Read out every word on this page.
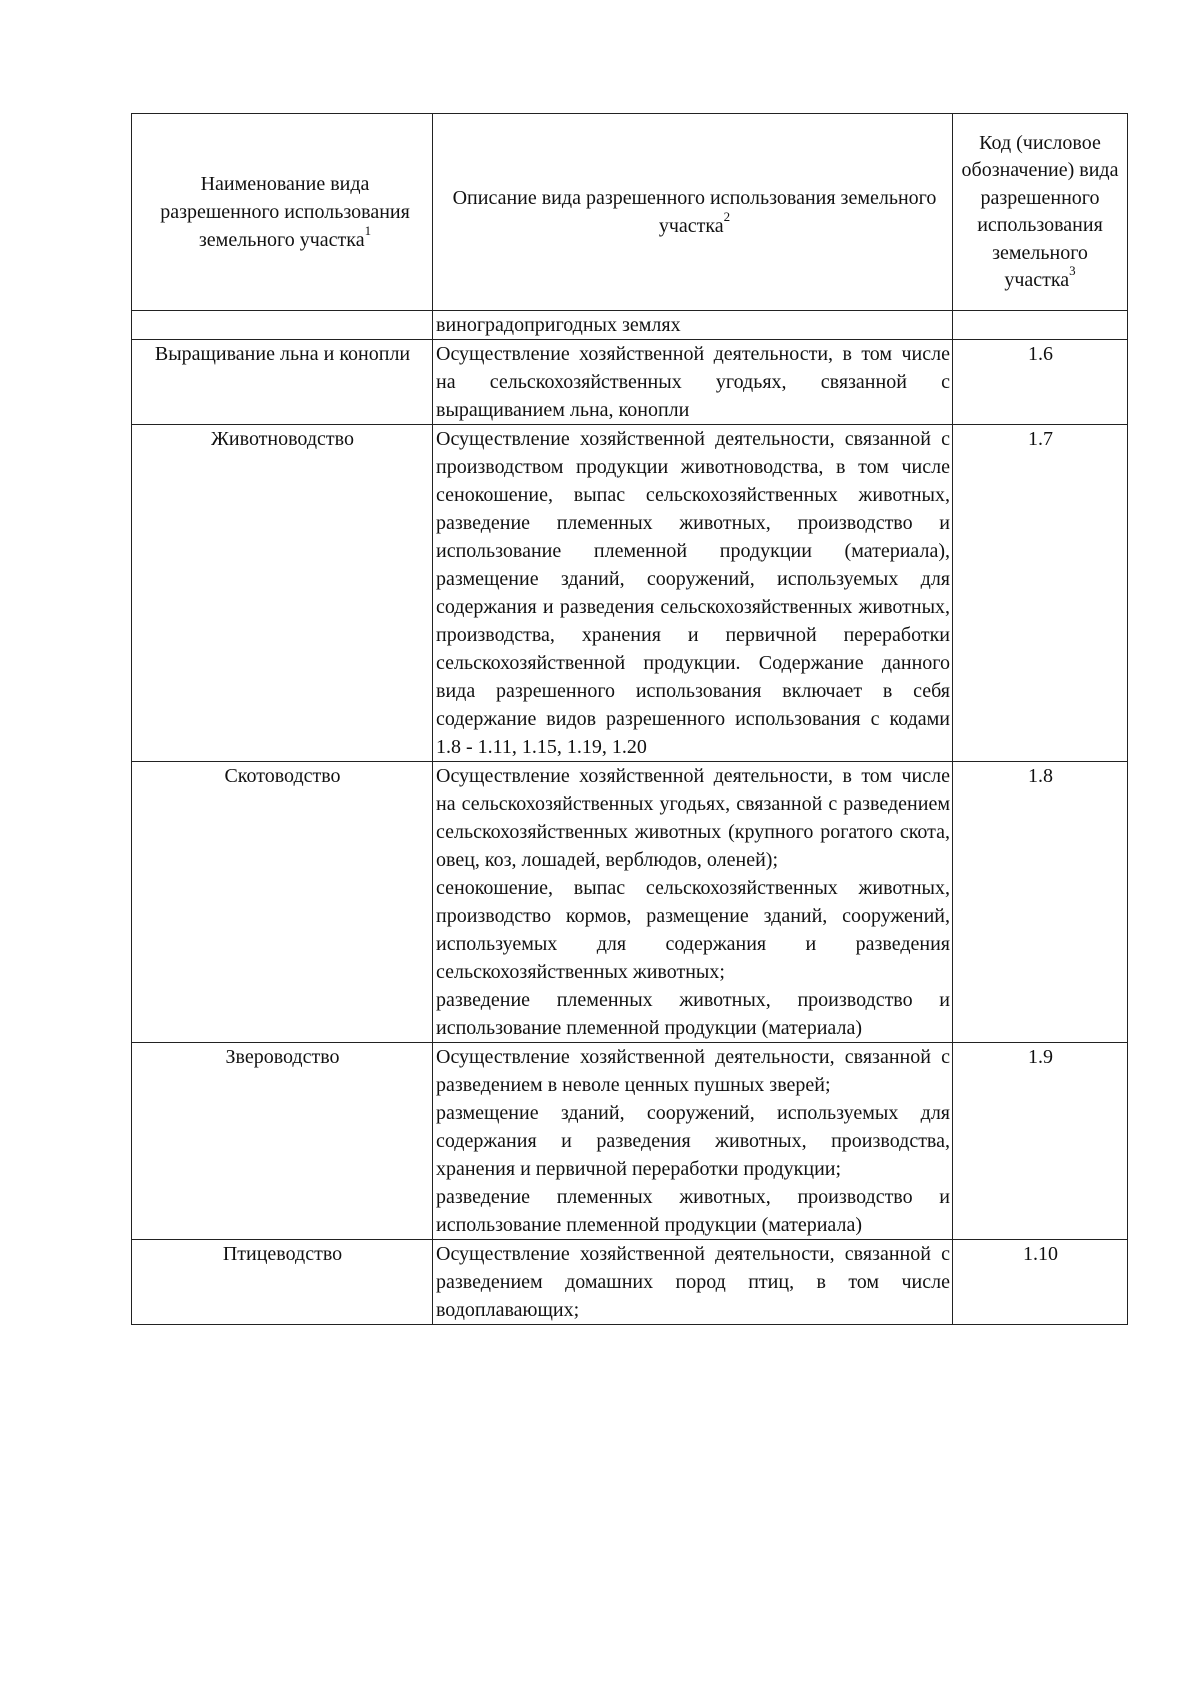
Наименование вида разрешенного использования земельного участка$^1$	Описание вида разрешенного использования земельного участка$^2$	Код (числовое обозначение) вида разрешенного использования земельного участка$^3$
	виноградопригодных землях	
Выращивание льна и конопли	Осуществление хозяйственной деятельности, в том числе на сельскохозяйственных угодьях, связанной с выращиванием льна, конопли	1.6
Животноводство	Осуществление хозяйственной деятельности, связанной с производством продукции животноводства, в том числе сенокошение, выпас сельскохозяйственных животных, разведение племенных животных, производство и использование племенной продукции (материала), размещение зданий, сооружений, используемых для содержания и разведения сельскохозяйственных животных, производства, хранения и первичной переработки сельскохозяйственной продукции. Содержание данного вида разрешенного использования включает в себя содержание видов разрешенного использования с кодами 1.8 - 1.11, 1.15, 1.19, 1.20	1.7
Скотоводство	Осуществление хозяйственной деятельности, в том числе на сельскохозяйственных угодьях, связанной с разведением сельскохозяйственных животных (крупного рогатого скота, овец, коз, лошадей, верблюдов, оленей);
сенокошение, выпас сельскохозяйственных животных, производство кормов, размещение зданий, сооружений, используемых для содержания и разведения сельскохозяйственных животных;
разведение племенных животных, производство и использование племенной продукции (материала)	1.8
Звероводство	Осуществление хозяйственной деятельности, связанной с разведением в неволе ценных пушных зверей;
размещение зданий, сооружений, используемых для содержания и разведения животных, производства, хранения и первичной переработки продукции;
разведение племенных животных, производство и использование племенной продукции (материала)	1.9
Птицеводство	Осуществление хозяйственной деятельности, связанной с разведением домашних пород птиц, в том числе водоплавающих;	1.10
